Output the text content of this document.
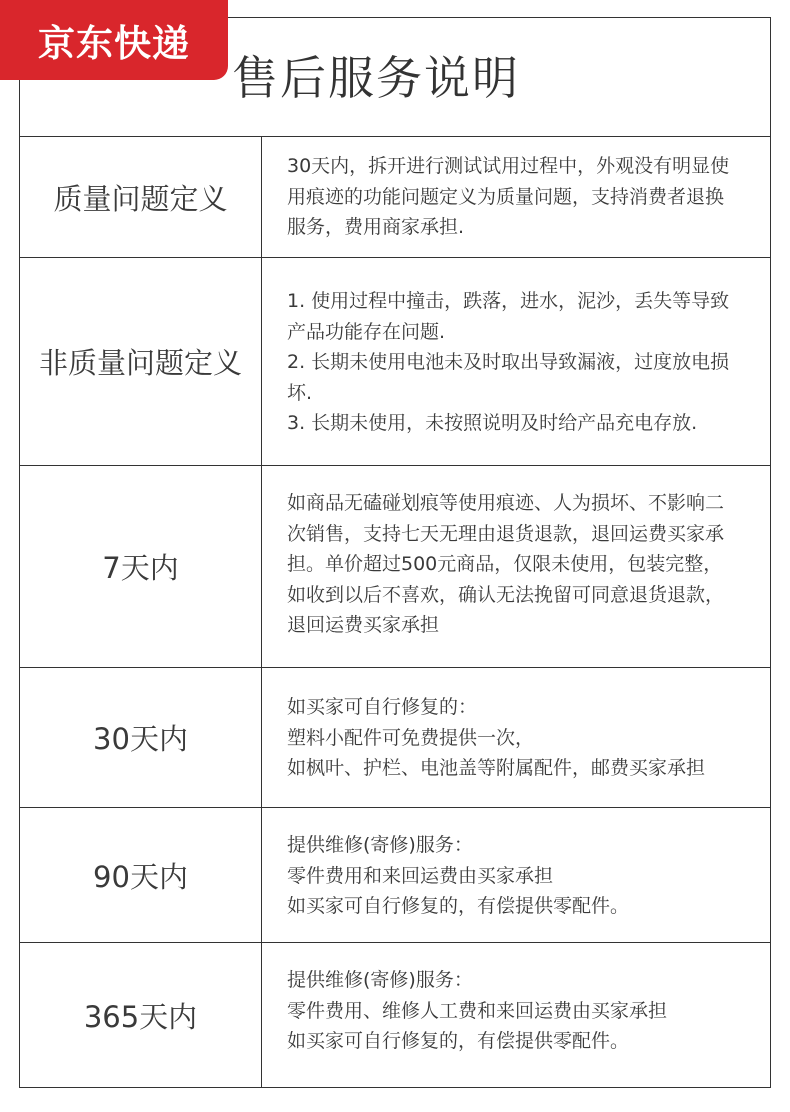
京东快递
售后服务说明
质量问题定义
30天内，拆开进行测试试用过程中，外观没有明显使
用痕迹的功能问题定义为质量问题，支持消费者退换
服务，费用商家承担.
非质量问题定义
1. 使用过程中撞击，跌落，进水，泥沙，丢失等导致
产品功能存在问题.
2. 长期未使用电池未及时取出导致漏液，过度放电损
坏.
3. 长期未使用，未按照说明及时给产品充电存放.
7天内
如商品无磕碰划痕等使用痕迹、人为损坏、不影响二
次销售，支持七天无理由退货退款，退回运费买家承
担。单价超过500元商品，仅限未使用，包装完整，
如收到以后不喜欢，确认无法挽留可同意退货退款，
退回运费买家承担
30天内
如买家可自行修复的：
塑料小配件可免费提供一次，
如枫叶、护栏、电池盖等附属配件，邮费买家承担
90天内
提供维修(寄修)服务：
零件费用和来回运费由买家承担
如买家可自行修复的，有偿提供零配件。
365天内
提供维修(寄修)服务：
零件费用、维修人工费和来回运费由买家承担
如买家可自行修复的，有偿提供零配件。
